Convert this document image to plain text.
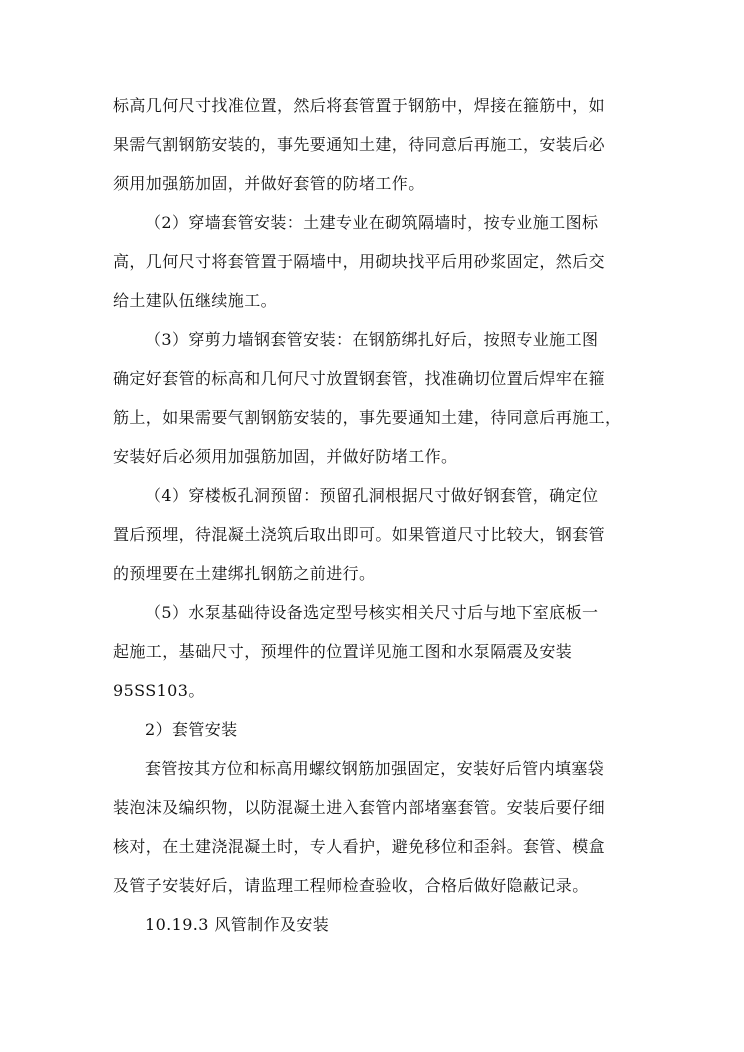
标高几何尺寸找准位置，然后将套管置于钢筋中，焊接在箍筋中，如
果需气割钢筋安装的，事先要通知土建，待同意后再施工，安装后必
须用加强筋加固，并做好套管的防堵工作。
（2）穿墙套管安装：土建专业在砌筑隔墙时，按专业施工图标
高，几何尺寸将套管置于隔墙中，用砌块找平后用砂浆固定，然后交
给土建队伍继续施工。
（3）穿剪力墙钢套管安装：在钢筋绑扎好后，按照专业施工图
确定好套管的标高和几何尺寸放置钢套管，找准确切位置后焊牢在箍
筋上，如果需要气割钢筋安装的，事先要通知土建，待同意后再施工，
安装好后必须用加强筋加固，并做好防堵工作。
（4）穿楼板孔洞预留：预留孔洞根据尺寸做好钢套管，确定位
置后预埋，待混凝土浇筑后取出即可。如果管道尺寸比较大，钢套管
的预埋要在土建绑扎钢筋之前进行。
（5）水泵基础待设备选定型号核实相关尺寸后与地下室底板一
起施工，基础尺寸，预埋件的位置详见施工图和水泵隔震及安装
95SS103。
2）套管安装
套管按其方位和标高用螺纹钢筋加强固定，安装好后管内填塞袋
装泡沫及编织物，以防混凝土进入套管内部堵塞套管。安装后要仔细
核对，在土建浇混凝土时，专人看护，避免移位和歪斜。套管、模盒
及管子安装好后，请监理工程师检查验收，合格后做好隐蔽记录。
10.19.3 风管制作及安装
